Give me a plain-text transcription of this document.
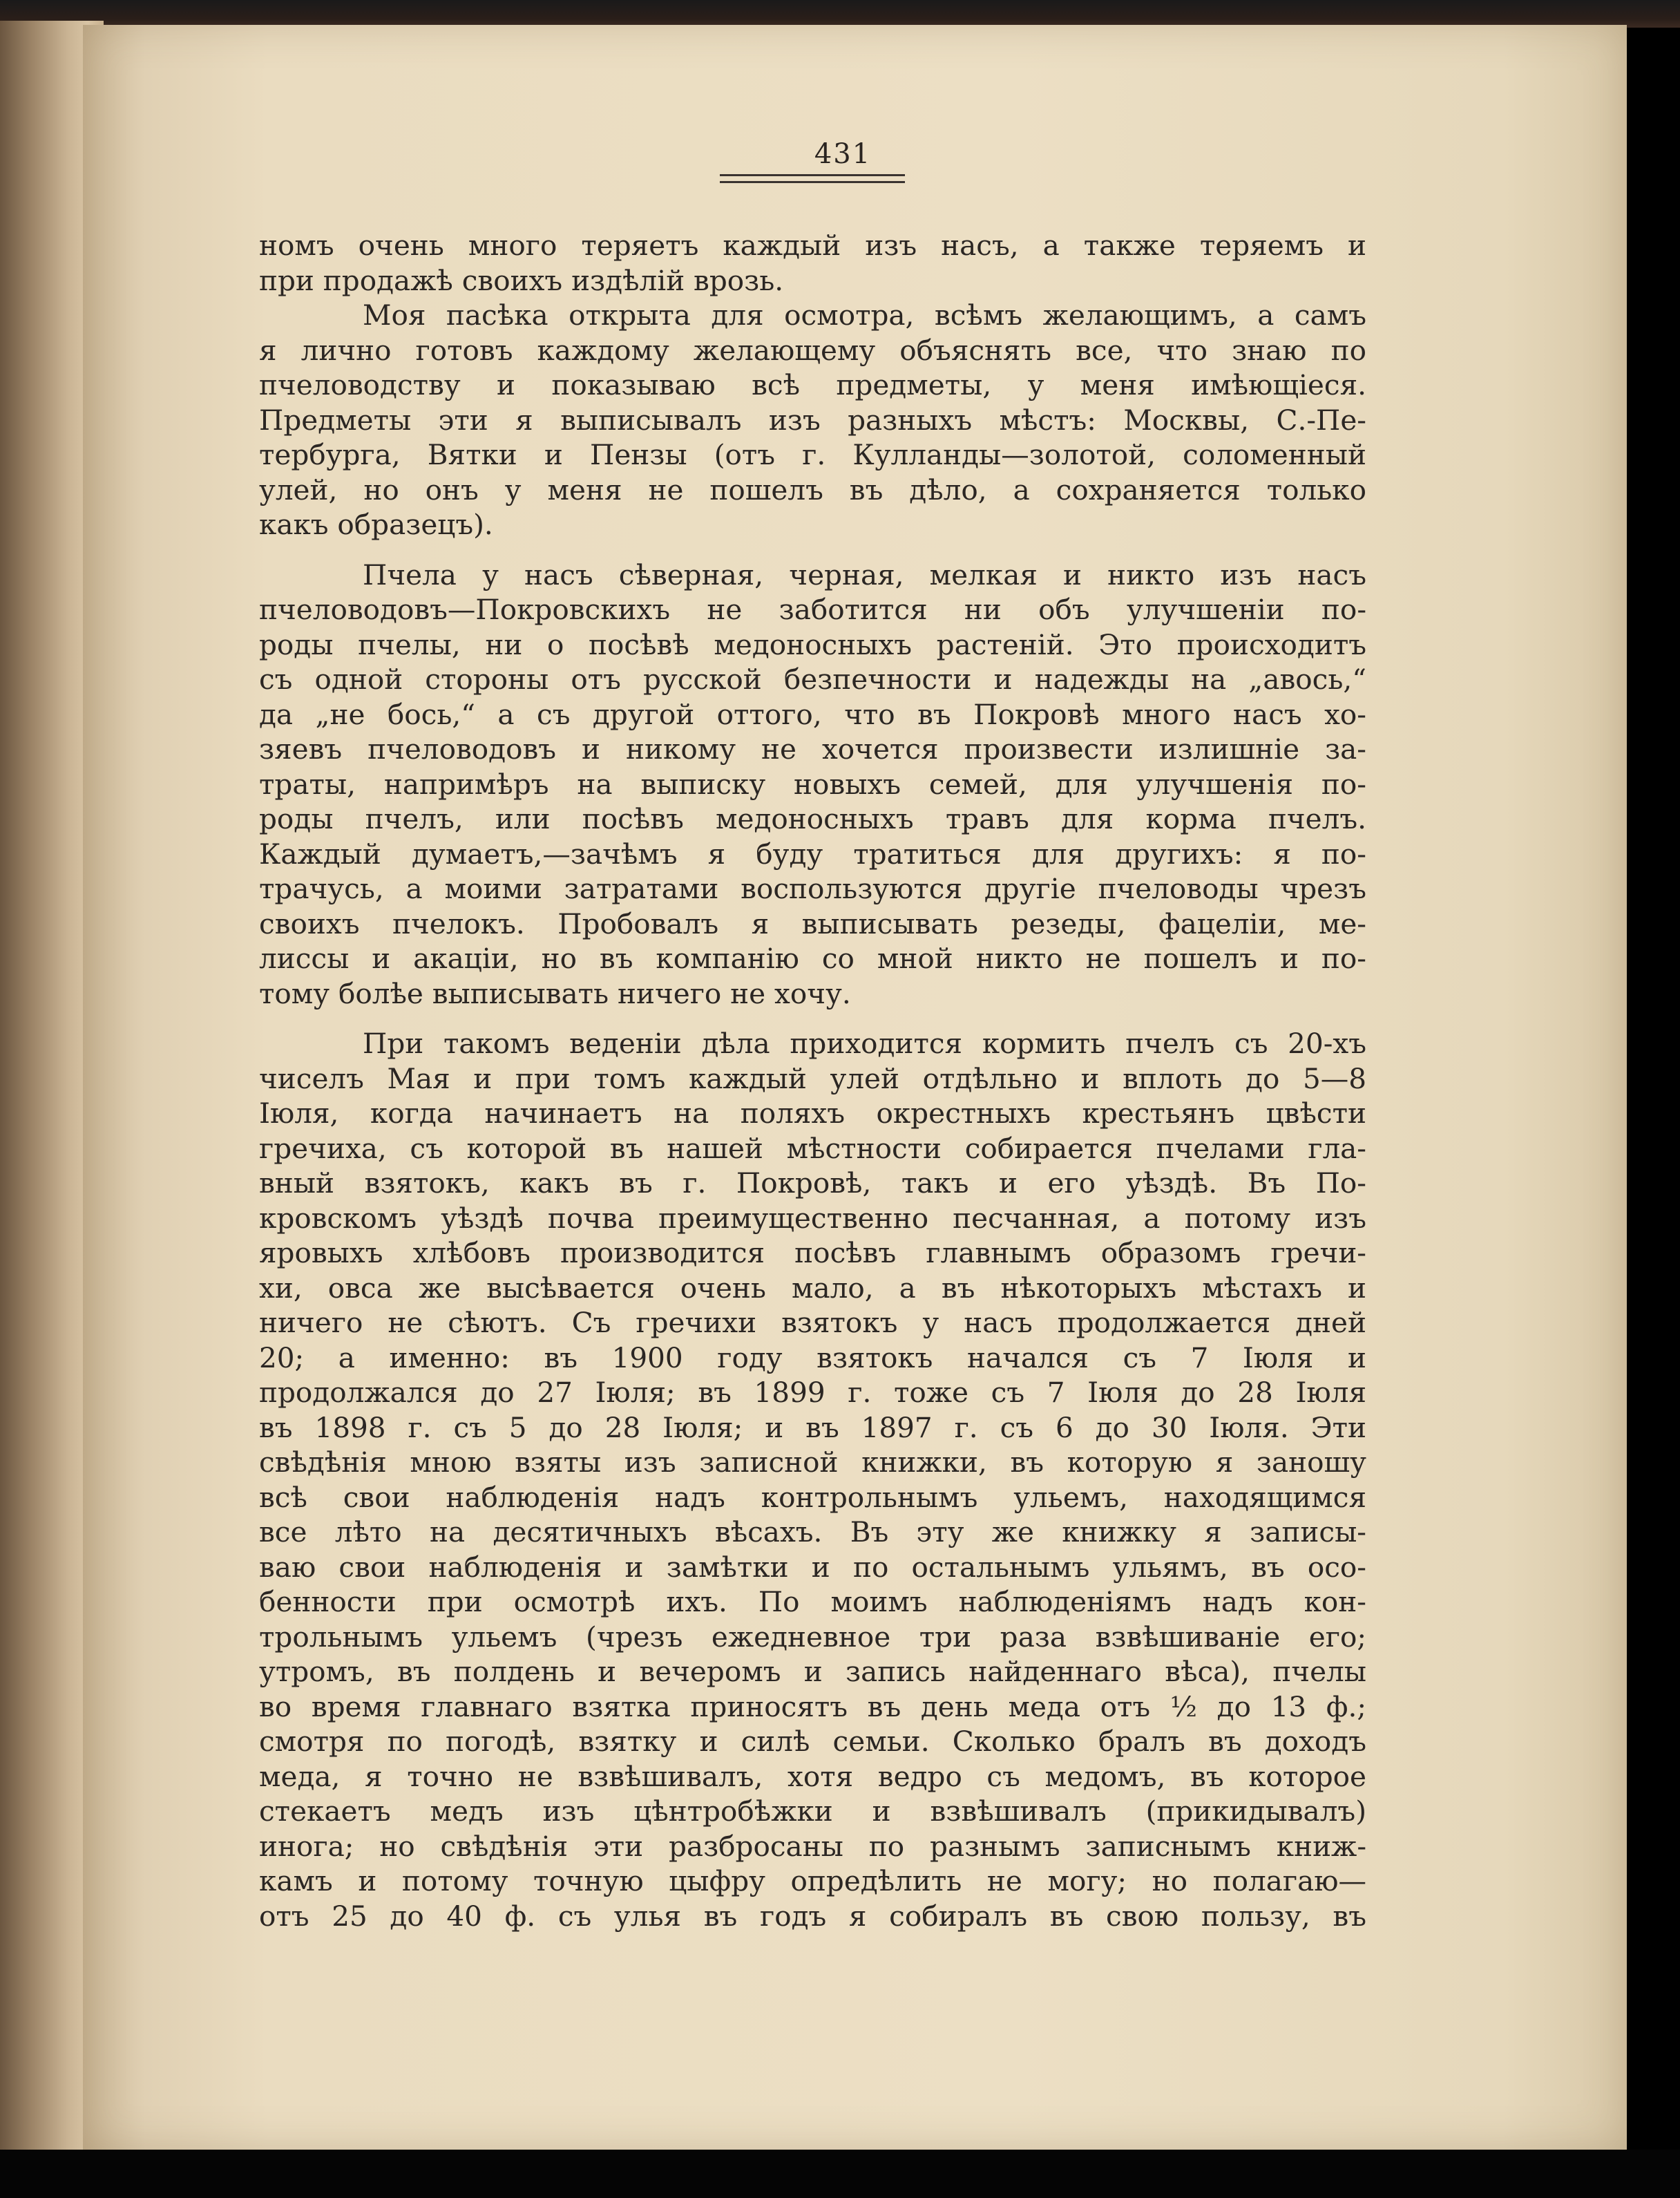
431
номъ очень много теряетъ каждый изъ насъ, а также теряемъ и
при продажѣ своихъ издѣлій врозь.
Моя пасѣка открыта для осмотра, всѣмъ желающимъ, а самъ
я лично готовъ каждому желающему объяснять все, что знаю по
пчеловодству и показываю всѣ предметы, у меня имѣющіеся.
Предметы эти я выписывалъ изъ разныхъ мѣстъ: Москвы, С.-Пе-
тербурга, Вятки и Пензы (отъ г. Кулланды—золотой, соломенный
улей, но онъ у меня не пошелъ въ дѣло, а сохраняется только
какъ образецъ).
Пчела у насъ сѣверная, черная, мелкая и никто изъ насъ
пчеловодовъ—Покровскихъ не заботится ни объ улучшеніи по-
роды пчелы, ни о посѣвѣ медоносныхъ растеній. Это происходитъ
съ одной стороны отъ русской безпечности и надежды на „авось,“
да „не бось,“ а съ другой оттого, что въ Покровѣ много насъ хо-
зяевъ пчеловодовъ и никому не хочется произвести излишніе за-
траты, напримѣръ на выписку новыхъ семей, для улучшенія по-
роды пчелъ, или посѣвъ медоносныхъ травъ для корма пчелъ.
Каждый думаетъ,—зачѣмъ я буду тратиться для другихъ: я по-
трачусь, а моими затратами воспользуются другіе пчеловоды чрезъ
своихъ пчелокъ. Пробовалъ я выписывать резеды, фацеліи, ме-
лиссы и акаціи, но въ компанію со мной никто не пошелъ и по-
тому болѣе выписывать ничего не хочу.
При такомъ веденіи дѣла приходится кормить пчелъ съ 20-хъ
чиселъ Мая и при томъ каждый улей отдѣльно и вплоть до 5—8
Іюля, когда начинаетъ на поляхъ окрестныхъ крестьянъ цвѣсти
гречиха, съ которой въ нашей мѣстности собирается пчелами гла-
вный взятокъ, какъ въ г. Покровѣ, такъ и его уѣздѣ. Въ По-
кровскомъ уѣздѣ почва преимущественно песчанная, а потому изъ
яровыхъ хлѣбовъ производится посѣвъ главнымъ образомъ гречи-
хи, овса же высѣвается очень мало, а въ нѣкоторыхъ мѣстахъ и
ничего не сѣютъ. Съ гречихи взятокъ у насъ продолжается дней
20; а именно: въ 1900 году взятокъ начался съ 7 Іюля и
продолжался до 27 Іюля; въ 1899 г. тоже съ 7 Іюля до 28 Іюля
въ 1898 г. съ 5 до 28 Іюля; и въ 1897 г. съ 6 до 30 Іюля. Эти
свѣдѣнія мною взяты изъ записной книжки, въ которую я заношу
всѣ свои наблюденія надъ контрольнымъ ульемъ, находящимся
все лѣто на десятичныхъ вѣсахъ. Въ эту же книжку я записы-
ваю свои наблюденія и замѣтки и по остальнымъ ульямъ, въ осо-
бенности при осмотрѣ ихъ. По моимъ наблюденіямъ надъ кон-
трольнымъ ульемъ (чрезъ ежедневное три раза взвѣшиваніе его;
утромъ, въ полдень и вечеромъ и запись найденнаго вѣса), пчелы
во время главнаго взятка приносятъ въ день меда отъ ½ до 13 ф.;
смотря по погодѣ, взятку и силѣ семьи. Сколько бралъ въ доходъ
меда, я точно не взвѣшивалъ, хотя ведро съ медомъ, въ которое
стекаетъ медъ изъ цѣнтробѣжки и взвѣшивалъ (прикидывалъ)
инога; но свѣдѣнія эти разбросаны по разнымъ записнымъ книж-
камъ и потому точную цыфру опредѣлить не могу; но полагаю—
отъ 25 до 40 ф. съ улья въ годъ я собиралъ въ свою пользу, въ
